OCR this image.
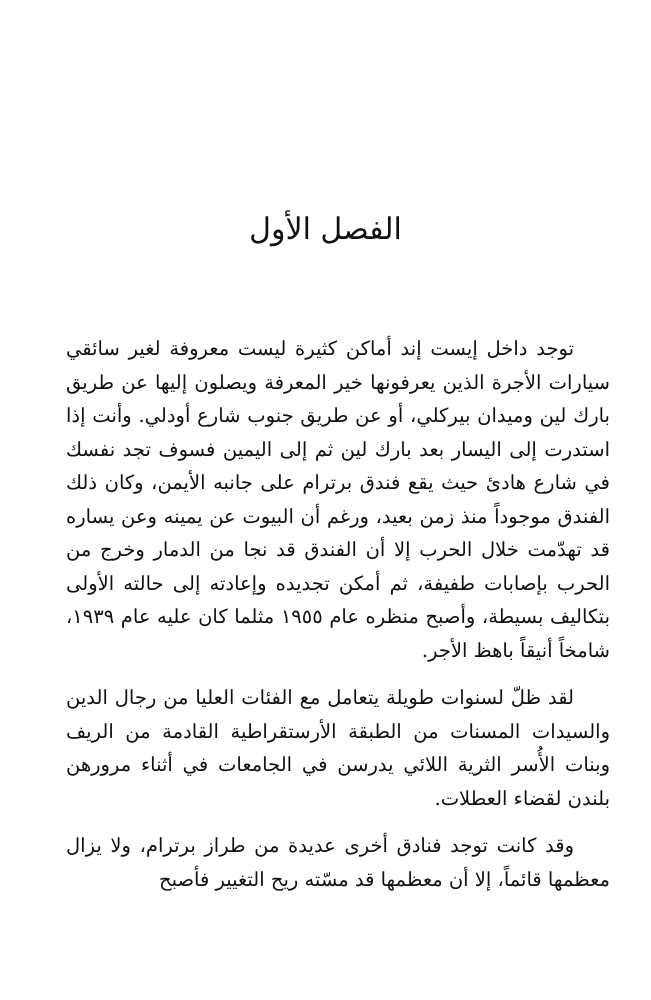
الفصل الأول

توجد داخل إيست إند أماكن كثيرة ليست معروفة لغير سائقي سيارات الأجرة الذين يعرفونها خير المعرفة ويصلون إليها عن طريق بارك لين وميدان بيركلي، أو عن طريق جنوب شارع أودلي. وأنت إذا استدرت إلى اليسار بعد بارك لين ثم إلى اليمين فسوف تجد نفسك في شارع هادئ حيث يقع فندق برترام على جانبه الأيمن، وكان ذلك الفندق موجوداً منذ زمن بعيد، ورغم أن البيوت عن يمينه وعن يساره قد تهدّمت خلال الحرب إلا أن الفندق قد نجا من الدمار وخرج من الحرب بإصابات طفيفة، ثم أمكن تجديده وإعادته إلى حالته الأولى بتكاليف بسيطة، وأصبح منظره عام ١٩٥٥ مثلما كان عليه عام ١٩٣٩، شامخاً أنيقاً باهظ الأجر.

لقد ظلّ لسنوات طويلة يتعامل مع الفئات العليا من رجال الدين والسيدات المسنات من الطبقة الأرستقراطية القادمة من الريف وبنات الأُسر الثرية اللائي يدرسن في الجامعات في أثناء مرورهن بلندن لقضاء العطلات.

وقد كانت توجد فنادق أخرى عديدة من طراز برترام، ولا يزال معظمها قائماً، إلا أن معظمها قد مسّته ريح التغيير فأصبح
